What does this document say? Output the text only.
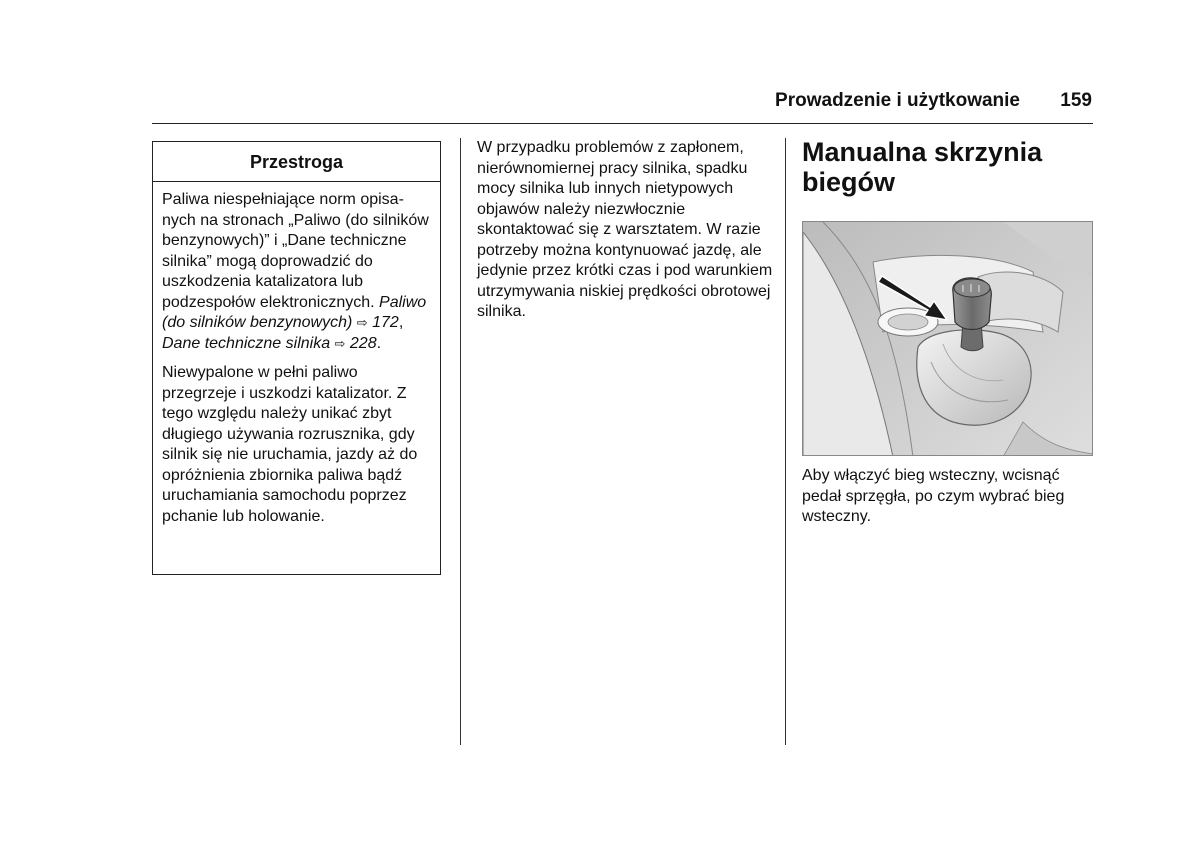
Prowadzenie i użytkowanie 159
Przestroga

Paliwa niespełniające norm opisanych na stronach „Paliwo (do silników benzynowych)” i „Dane techniczne silnika” mogą doprowadzić do uszkodzenia katalizatora lub podzespołów elektronicznych. Paliwo (do silników benzynowych) ⇨ 172, Dane techniczne silnika ⇨ 228.

Niewypalone w pełni paliwo przegrzeje i uszkodzi katalizator. Z tego względu należy unikać zbyt długiego używania rozrusznika, gdy silnik się nie uruchamia, jazdy aż do opróżnienia zbiornika paliwa bądź uruchamiania samochodu poprzez pchanie lub holowanie.

W przypadku problemów z zapłonem, nierównomiernej pracy silnika, spadku mocy silnika lub innych nietypowych objawów należy niezwłocznie skontaktować się z warsztatem. W razie potrzeby można kontynuować jazdę, ale jedynie przez krótki czas i pod warunkiem utrzymywania niskiej prędkości obrotowej silnika.

Manualna skrzynia biegów
Aby włączyć bieg wsteczny, wcisnąć pedał sprzęgła, po czym wybrać bieg wsteczny.
